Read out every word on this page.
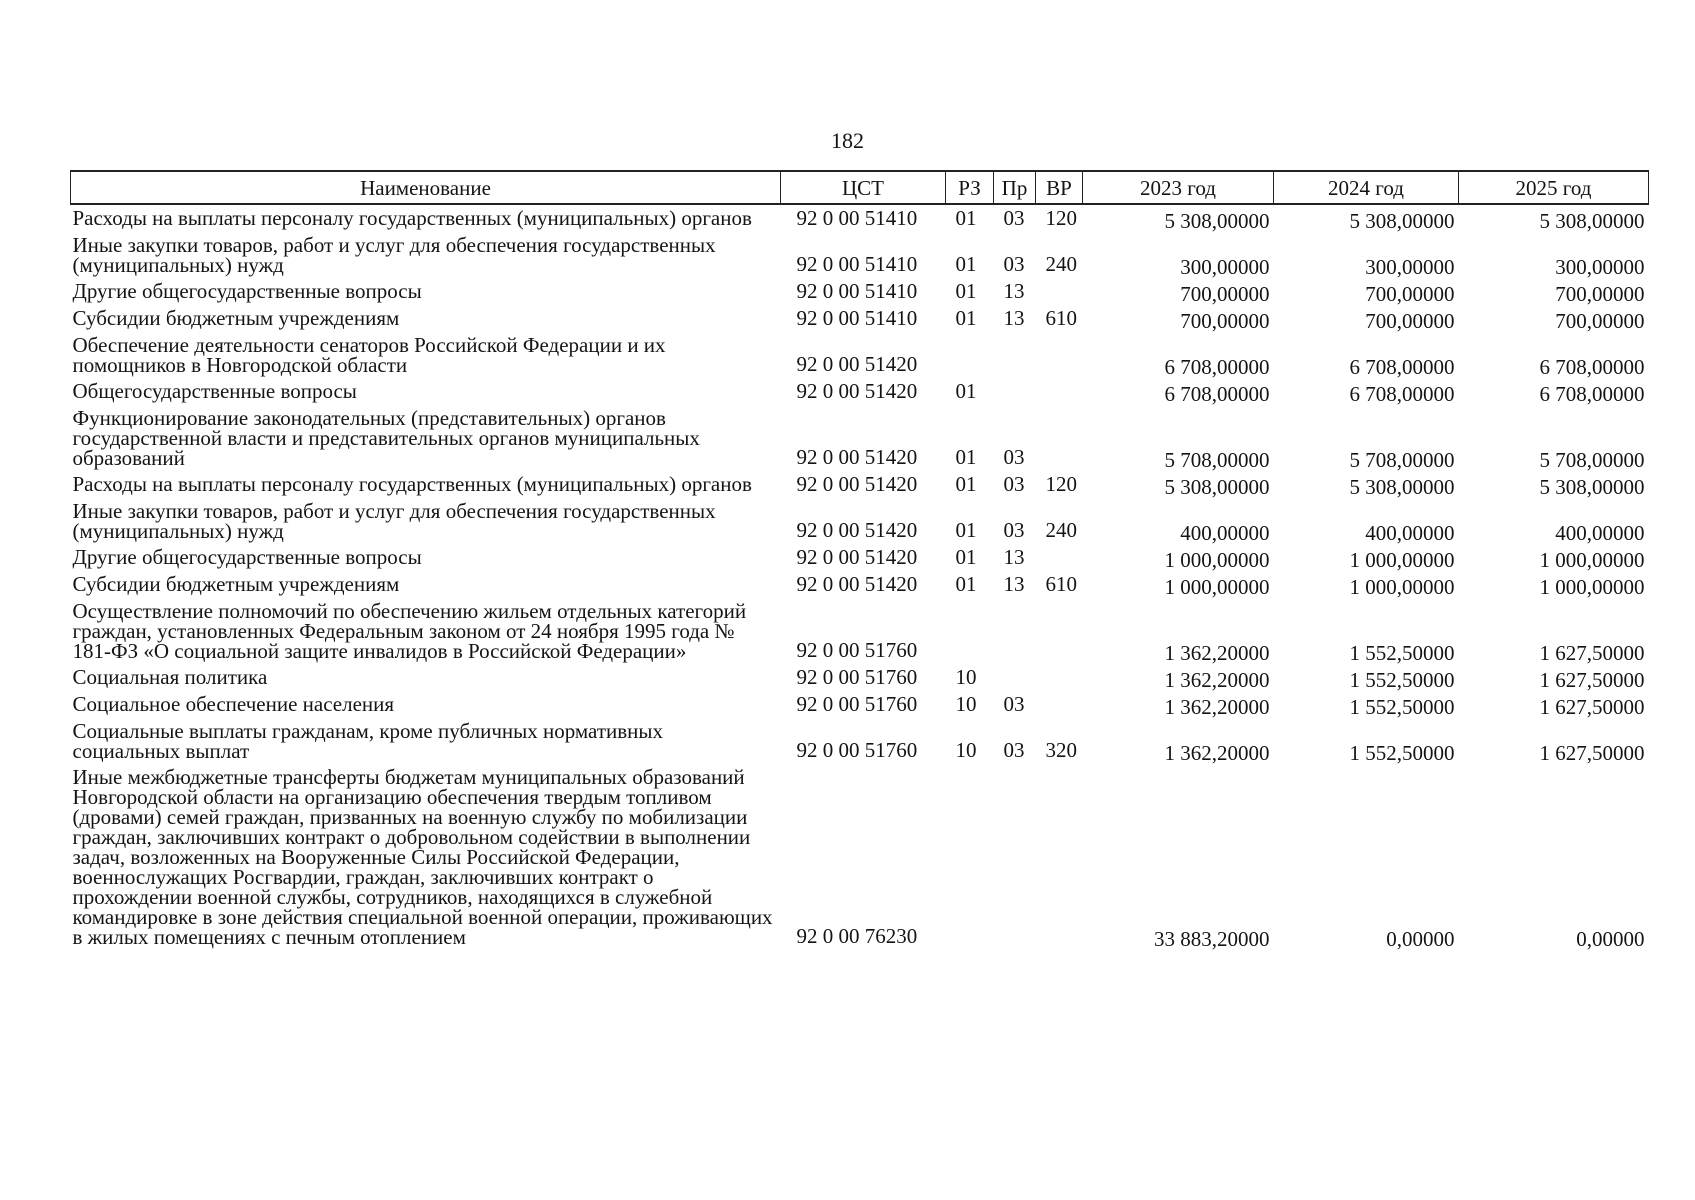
182
Наименование	ЦСТ	РЗ	Пр	ВР	2023 год	2024 год	2025 год
Расходы на выплаты персоналу государственных (муниципальных) органов	92 0 00 51410	01	03	120	5 308,00000	5 308,00000	5 308,00000
Иные закупки товаров, работ и услуг для обеспечения государственных (муниципальных) нужд	92 0 00 51410	01	03	240	300,00000	300,00000	300,00000
Другие общегосударственные вопросы	92 0 00 51410	01	13		700,00000	700,00000	700,00000
Субсидии бюджетным учреждениям	92 0 00 51410	01	13	610	700,00000	700,00000	700,00000
Обеспечение деятельности сенаторов Российской Федерации и их помощников в Новгородской области	92 0 00 51420				6 708,00000	6 708,00000	6 708,00000
Общегосударственные вопросы	92 0 00 51420	01			6 708,00000	6 708,00000	6 708,00000
Функционирование законодательных (представительных) органов государственной власти и представительных органов муниципальных образований	92 0 00 51420	01	03		5 708,00000	5 708,00000	5 708,00000
Расходы на выплаты персоналу государственных (муниципальных) органов	92 0 00 51420	01	03	120	5 308,00000	5 308,00000	5 308,00000
Иные закупки товаров, работ и услуг для обеспечения государственных (муниципальных) нужд	92 0 00 51420	01	03	240	400,00000	400,00000	400,00000
Другие общегосударственные вопросы	92 0 00 51420	01	13		1 000,00000	1 000,00000	1 000,00000
Субсидии бюджетным учреждениям	92 0 00 51420	01	13	610	1 000,00000	1 000,00000	1 000,00000
Осуществление полномочий по обеспечению жильем отдельных категорий граждан, установленных Федеральным законом от 24 ноября 1995 года № 181-ФЗ «О социальной защите инвалидов в Российской Федерации»	92 0 00 51760				1 362,20000	1 552,50000	1 627,50000
Социальная политика	92 0 00 51760	10			1 362,20000	1 552,50000	1 627,50000
Социальное обеспечение населения	92 0 00 51760	10	03		1 362,20000	1 552,50000	1 627,50000
Социальные выплаты гражданам, кроме публичных нормативных социальных выплат	92 0 00 51760	10	03	320	1 362,20000	1 552,50000	1 627,50000
Иные межбюджетные трансферты бюджетам муниципальных образований Новгородской области на организацию обеспечения твердым топливом (дровами) семей граждан, призванных на военную службу по мобилизации граждан, заключивших контракт о добровольном содействии в выполнении задач, возложенных на Вооруженные Силы Российской Федерации, военнослужащих Росгвардии, граждан, заключивших контракт о прохождении военной службы, сотрудников, находящихся в служебной командировке в зоне действия специальной военной операции, проживающих в жилых помещениях с печным отоплением	92 0 00 76230				33 883,20000	0,00000	0,00000
